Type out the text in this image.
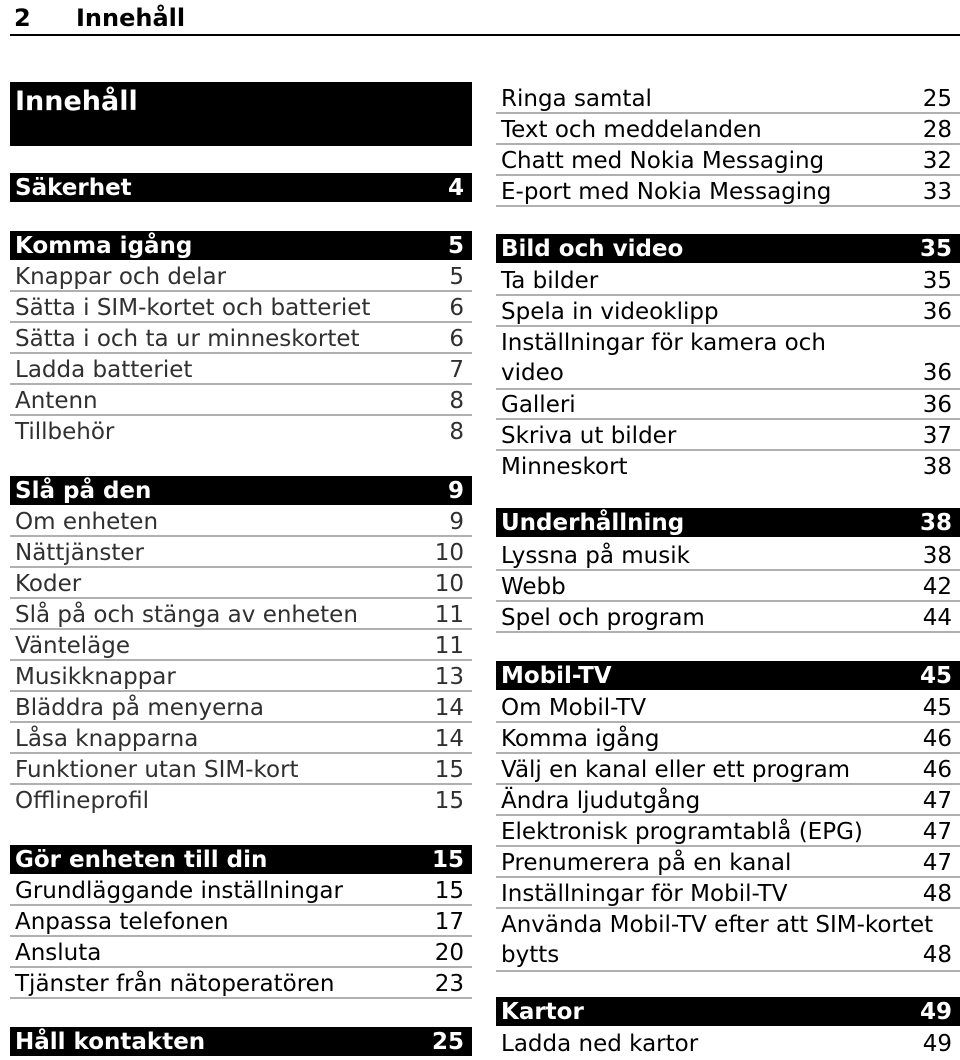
2 Innehåll
Innehåll
Säkerhet	4
Komma igång	5
Knappar och delar	5
Sätta i SIM-kortet och batteriet	6
Sätta i och ta ur minneskortet	6
Ladda batteriet	7
Antenn	8
Tillbehör	8
Slå på den	9
Om enheten	9
Nättjänster	10
Koder	10
Slå på och stänga av enheten	11
Vänteläge	11
Musikknappar	13
Bläddra på menyerna	14
Låsa knapparna	14
Funktioner utan SIM-kort	15
Offlineprofil	15
Gör enheten till din	15
Grundläggande inställningar	15
Anpassa telefonen	17
Ansluta	20
Tjänster från nätoperatören	23
Håll kontakten	25
Ringa samtal	25
Text och meddelanden	28
Chatt med Nokia Messaging	32
E-port med Nokia Messaging	33
Bild och video	35
Ta bilder	35
Spela in videoklipp	36
Inställningar för kamera och
video	36
Galleri	36
Skriva ut bilder	37
Minneskort	38
Underhållning	38
Lyssna på musik	38
Webb	42
Spel och program	44
Mobil-TV	45
Om Mobil-TV	45
Komma igång	46
Välj en kanal eller ett program	46
Ändra ljudutgång	47
Elektronisk programtablå (EPG)	47
Prenumerera på en kanal	47
Inställningar för Mobil-TV	48
Använda Mobil-TV efter att SIM-kortet
bytts	48
Kartor	49
Ladda ned kartor	49
